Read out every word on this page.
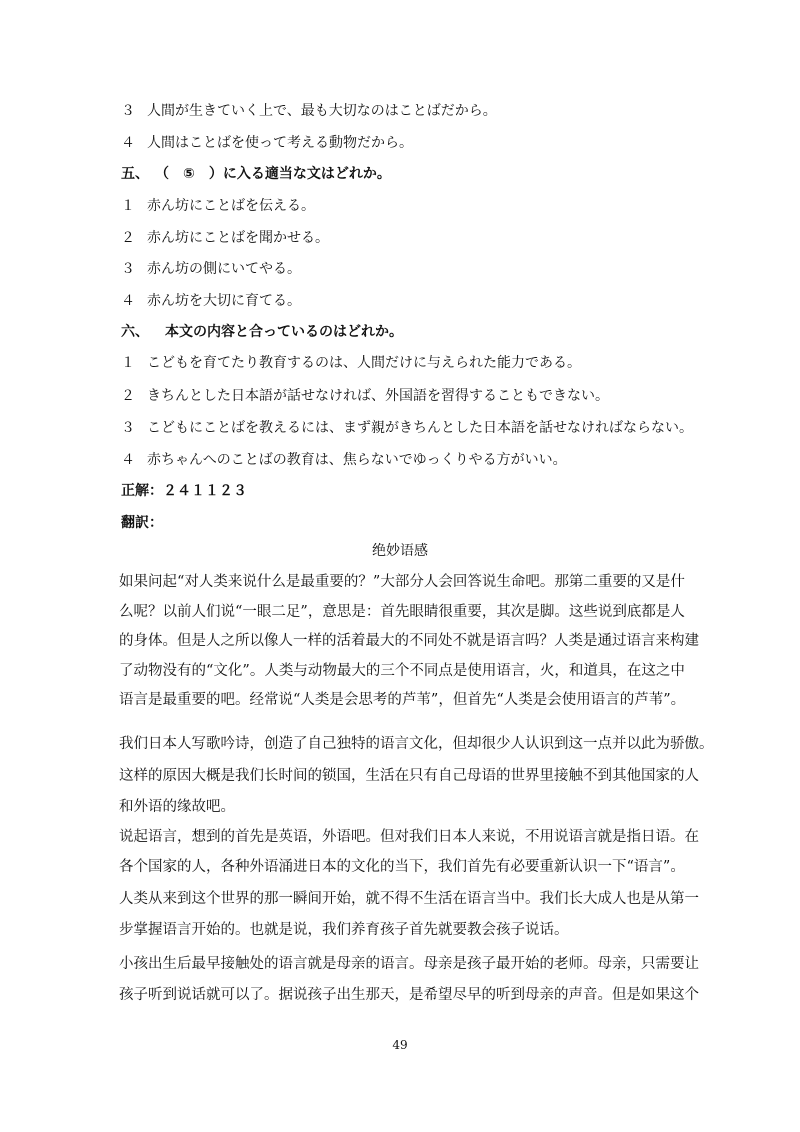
３ 人間が生きていく上で、最も大切なのはことばだから。
４ 人間はことばを使って考える動物だから。
五、 （　⑤　）に入る適当な文はどれか。
１ 赤ん坊にことばを伝える。
２ 赤ん坊にことばを聞かせる。
３ 赤ん坊の側にいてやる。
４ 赤ん坊を大切に育てる。
六、 本文の内容と合っているのはどれか。
１ こどもを育てたり教育するのは、人間だけに与えられた能力である。
２ きちんとした日本語が話せなければ、外国語を習得することもできない。
３ こどもにことばを教えるには、まず親がきちんとした日本語を話せなければならない。
４ 赤ちゃんへのことばの教育は、焦らないでゆっくりやる方がいい。
正解：２４１１２３
翻訳：
绝妙语感
如果问起“对人类来说什么是最重要的？”大部分人会回答说生命吧。那第二重要的又是什
么呢？以前人们说“一眼二足”，意思是：首先眼睛很重要，其次是脚。这些说到底都是人
的身体。但是人之所以像人一样的活着最大的不同处不就是语言吗？人类是通过语言来构建
了动物没有的“文化”。人类与动物最大的三个不同点是使用语言，火，和道具，在这之中
语言是最重要的吧。经常说“人类是会思考的芦苇”，但首先“人类是会使用语言的芦苇”。
我们日本人写歌吟诗，创造了自己独特的语言文化，但却很少人认识到这一点并以此为骄傲。
这样的原因大概是我们长时间的锁国，生活在只有自己母语的世界里接触不到其他国家的人
和外语的缘故吧。
说起语言，想到的首先是英语，外语吧。但对我们日本人来说，不用说语言就是指日语。在
各个国家的人，各种外语涌进日本的文化的当下，我们首先有必要重新认识一下“语言”。
人类从来到这个世界的那一瞬间开始，就不得不生活在语言当中。我们长大成人也是从第一
步掌握语言开始的。也就是说，我们养育孩子首先就要教会孩子说话。
小孩出生后最早接触处的语言就是母亲的语言。母亲是孩子最开始的老师。母亲，只需要让
孩子听到说话就可以了。据说孩子出生那天，是希望尽早的听到母亲的声音。但是如果这个
49
